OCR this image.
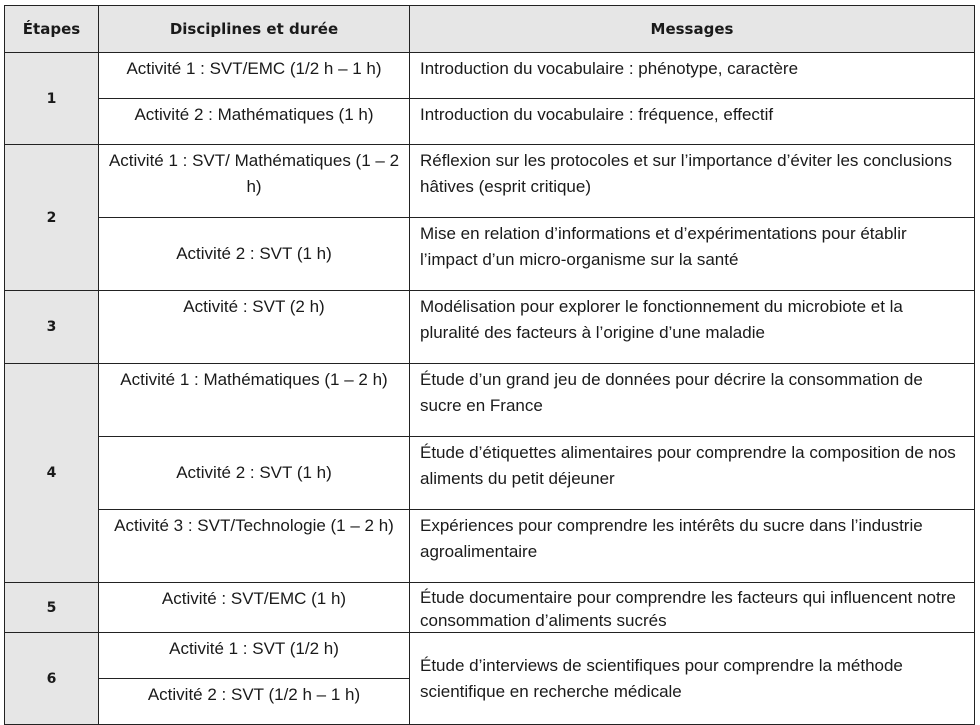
Étapes	Disciplines et durée	Messages
1	Activité 1 : SVT/EMC (1/2 h – 1 h)	Introduction du vocabulaire : phénotype, caractère
	Activité 2 : Mathématiques (1 h)	Introduction du vocabulaire : fréquence, effectif
2	Activité 1 : SVT/ Mathématiques (1 – 2 h)	Réflexion sur les protocoles et sur l’importance d’éviter les conclusions hâtives (esprit critique)
	Activité 2 : SVT (1 h)	Mise en relation d’informations et d’expérimentations pour établir l’impact d’un micro-organisme sur la santé
3	Activité : SVT (2 h)	Modélisation pour explorer le fonctionnement du microbiote et la pluralité des facteurs à l’origine d’une maladie
4	Activité 1 : Mathématiques (1 – 2 h)	Étude d’un grand jeu de données pour décrire la consommation de sucre en France
	Activité 2 : SVT (1 h)	Étude d’étiquettes alimentaires pour comprendre la composition de nos aliments du petit déjeuner
	Activité 3 : SVT/Technologie (1 – 2 h)	Expériences pour comprendre les intérêts du sucre dans l’industrie agroalimentaire
5	Activité : SVT/EMC (1 h)	Étude documentaire pour comprendre les facteurs qui influencent notre consommation d’aliments sucrés
6	Activité 1 : SVT (1/2 h)	Étude d’interviews de scientifiques pour comprendre la méthode scientifique en recherche médicale
	Activité 2 : SVT (1/2 h – 1 h)	
